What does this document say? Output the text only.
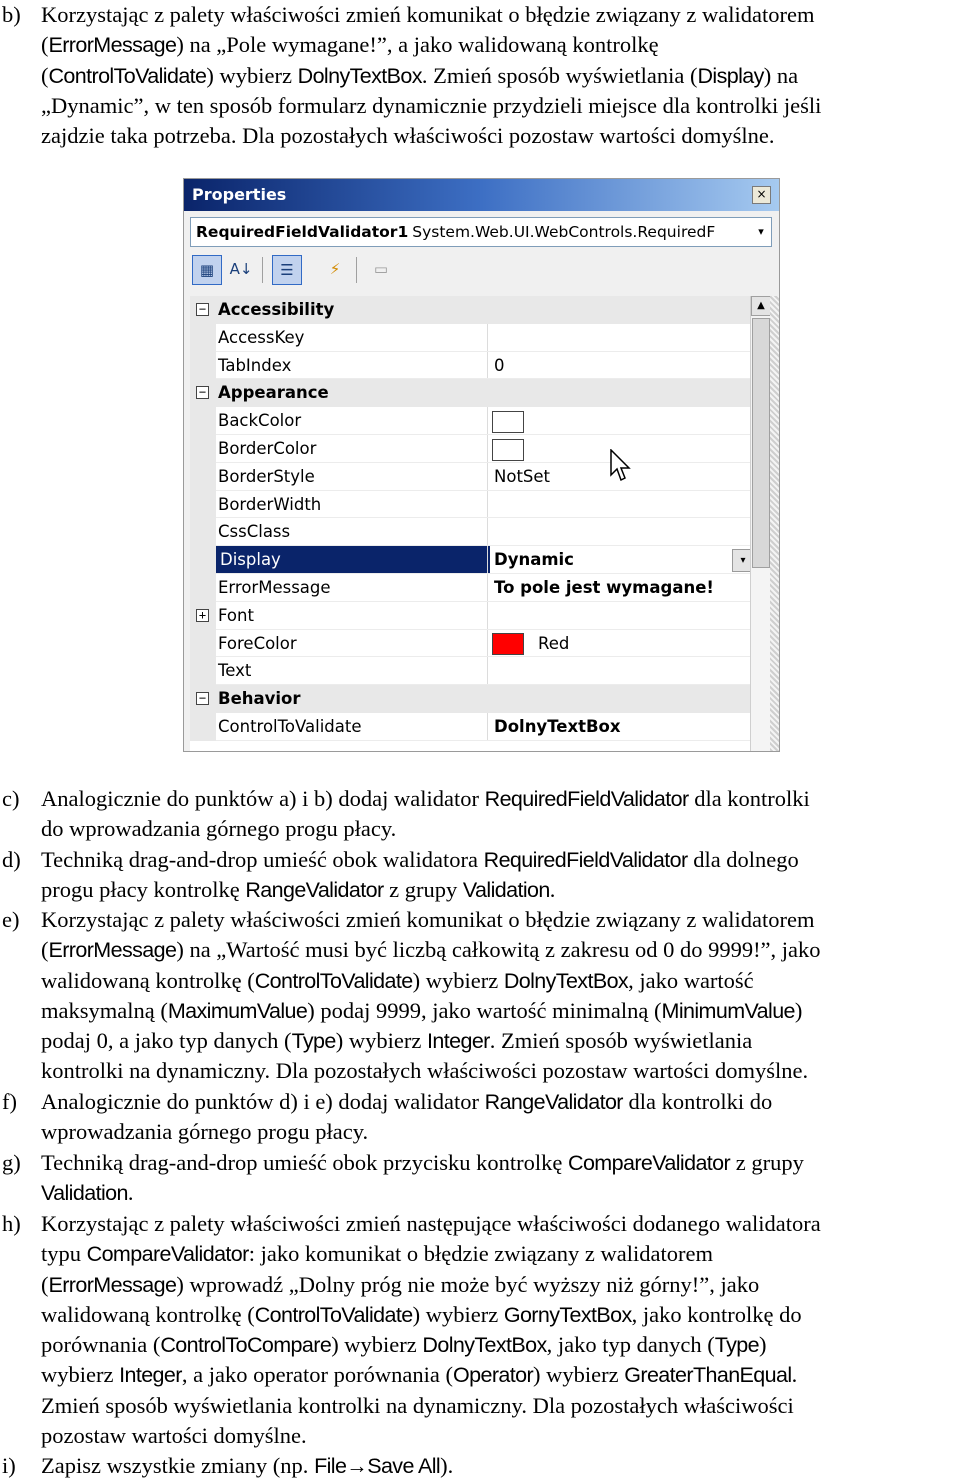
b) Korzystając z palety właściwości zmień komunikat o błędzie związany z walidatorem
(ErrorMessage) na „Pole wymagane!”, a jako walidowaną kontrolkę
(ControlToValidate) wybierz DolnyTextBox. Zmień sposób wyświetlania (Display) na
„Dynamic”, w ten sposób formularz dynamicznie przydzieli miejsce dla kontrolki jeśli
zajdzie taka potrzeba. Dla pozostałych właściwości pozostaw wartości domyślne.
Properties	×
RequiredFieldValidator1 System.Web.UI.WebControls.RequiredF	▾
▦	A↓	☰	⚡	▭
− Accessibility
AccessKey
TabIndex	0
− Appearance
BackColor
BorderColor
BorderStyle	NotSet
BorderWidth
CssClass
Display	Dynamic	▾
ErrorMessage	To pole jest wymagane!
+ Font
ForeColor	Red
Text
− Behavior
ControlToValidate	DolnyTextBox
▲
c) Analogicznie do punktów a) i b) dodaj walidator RequiredFieldValidator dla kontrolki
do wprowadzania górnego progu płacy.
d) Techniką drag-and-drop umieść obok walidatora RequiredFieldValidator dla dolnego
progu płacy kontrolkę RangeValidator z grupy Validation.
e) Korzystając z palety właściwości zmień komunikat o błędzie związany z walidatorem
(ErrorMessage) na „Wartość musi być liczbą całkowitą z zakresu od 0 do 9999!”, jako
walidowaną kontrolkę (ControlToValidate) wybierz DolnyTextBox, jako wartość
maksymalną (MaximumValue) podaj 9999, jako wartość minimalną (MinimumValue)
podaj 0, a jako typ danych (Type) wybierz Integer. Zmień sposób wyświetlania
kontrolki na dynamiczny. Dla pozostałych właściwości pozostaw wartości domyślne.
f) Analogicznie do punktów d) i e) dodaj walidator RangeValidator dla kontrolki do
wprowadzania górnego progu płacy.
g) Techniką drag-and-drop umieść obok przycisku kontrolkę CompareValidator z grupy
Validation.
h) Korzystając z palety właściwości zmień następujące właściwości dodanego walidatora
typu CompareValidator: jako komunikat o błędzie związany z walidatorem
(ErrorMessage) wprowadź „Dolny próg nie może być wyższy niż górny!”, jako
walidowaną kontrolkę (ControlToValidate) wybierz GornyTextBox, jako kontrolkę do
porównania (ControlToCompare) wybierz DolnyTextBox, jako typ danych (Type)
wybierz Integer, a jako operator porównania (Operator) wybierz GreaterThanEqual.
Zmień sposób wyświetlania kontrolki na dynamiczny. Dla pozostałych właściwości
pozostaw wartości domyślne.
i) Zapisz wszystkie zmiany (np. File→Save All).
